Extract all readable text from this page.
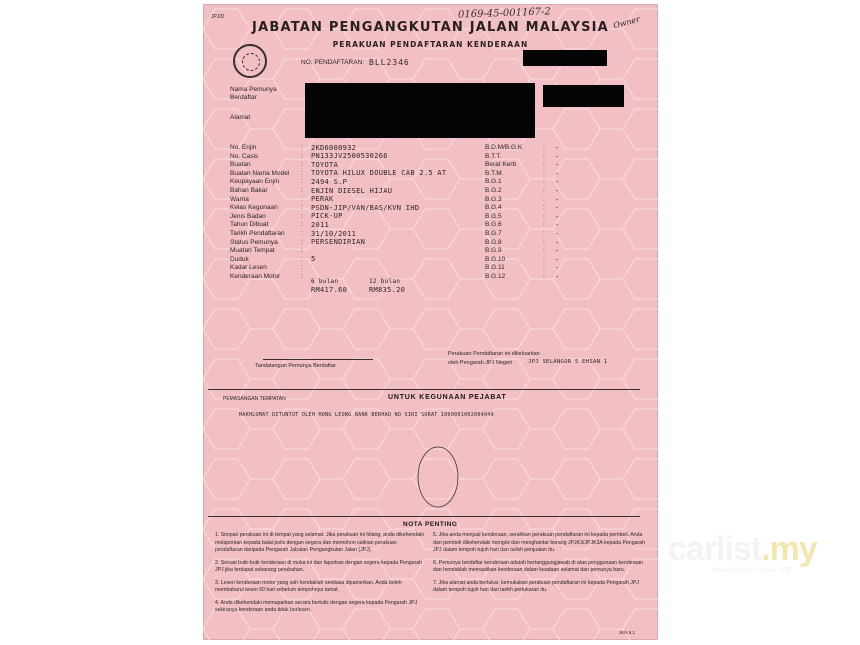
JPJ/D	0169-45-001167-2
Owner
JABATAN PENGANGKUTAN JALAN MALAYSIA
PERAKUAN PENDAFTARAN KENDERAAN
NO. PENDAFTARAN: BLL2346
Nama Pemunya Berdaftar
Alamat
No. Enjin	: 2KD6000932
No. Casis	: PN133JV2500530266
Buatan	: TOYOTA
Buatan Nama Model : TOYOTA HILUX DOUBLE CAB 2.5 AT
Keupayaan Enjin	: 2494 S.P
Bahan Bakar	: ENJIN DIESEL HIJAU
Warna	: PERAK
Kelas Kegunaan	: PSDN-JIP/VAN/BAS/KVN IHD
Jenis Badan	: PICK-UP
Tahun Dibuat	: 2011
Tarikh Pendaftaran	: 31/10/2011
Status Pemunya	: PERSENDIRIAN
Muatan Tempat	:
Duduk	: 5
Kadar Lesen	:
Kenderaan Motor	:
B.D.M/B.G.K	: -
B.T.T.	: -
Berat Kerb	: -
B.T.M.	: -
B.G.1	: -
B.G.2	: -
B.G.3	: -
B.G.4	: -
B.G.5	: -
B.G.6	: -
B.G.7	: -
B.G.8	: -
B.G.9	: -
B.G.10	: -
B.G.11	: -
B.G.12	: -
6 bulan
RM417.60
12 bulan
RM835.20
Tandatangan Pemunya Berdaftar
Perakuan Pendaftaran ini dikeluarkan
oleh Pengarah JPJ Negeri	JPJ SELANGOR 5 EHSAN 1
PEMASANGAN TEMPATAN	UNTUK KEGUNAAN PEJABAT
MAKHLUMAT DITUNTUT OLEH HONG LEONG BANK BERHAD NO SIRI SURAT 1000001002004049
NOTA PENTING
1. Simpan perakuan ini di tempat yang selamat. Jika perakuan ini hilang, anda dikehendaki melaporkan kepada balai polis dengan segera dan memohon salinan perakuan pendaftaran daripada Pengarah Jabatan Pengangkutan Jalan (JPJ).
2. Sesuai butir-butir kenderaan di muka ini dan laporkan dengan segera kepada Pengarah JPJ jika terdapat sebarang perubahan.
3. Lesen kenderaan motor yang sah hendaklah sentiasa dipamerkan. Anda boleh membaharui lesen 60 hari sebelum tempohnya tamat.
4. Anda dikehendaki memaparkan secara bertulis dengan segera kepada Pengarah JPJ sekiranya kenderaan anda tidak berlesen.
5. Jika anda menjual kenderaan, serahkan perakuan pendaftaran ini kepada pembeli. Anda dan pembeli dikehendaki mengisi dan menghantar borang JPJK3/JPJK3A kepada Pengarah JPJ dalam tempoh tujuh hari dan tarikh penjualan itu.
6. Pemunya berdaftar kenderaan adalah bertanggungjawab di atas penggunaan kenderaan dan hendaklah memastikan kenderaan dalam keadaan selamat dan pemunya baru.
7. Jika alamat anda bertukar, kemukakan perakuan pendaftaran ini kepada Pengarah JPJ dalam tempoh tujuh hari dari tarikh pertukaran itu.
JKN 5.1
carlist.my
MALAYSIA'S NO.1 CAR SITE
